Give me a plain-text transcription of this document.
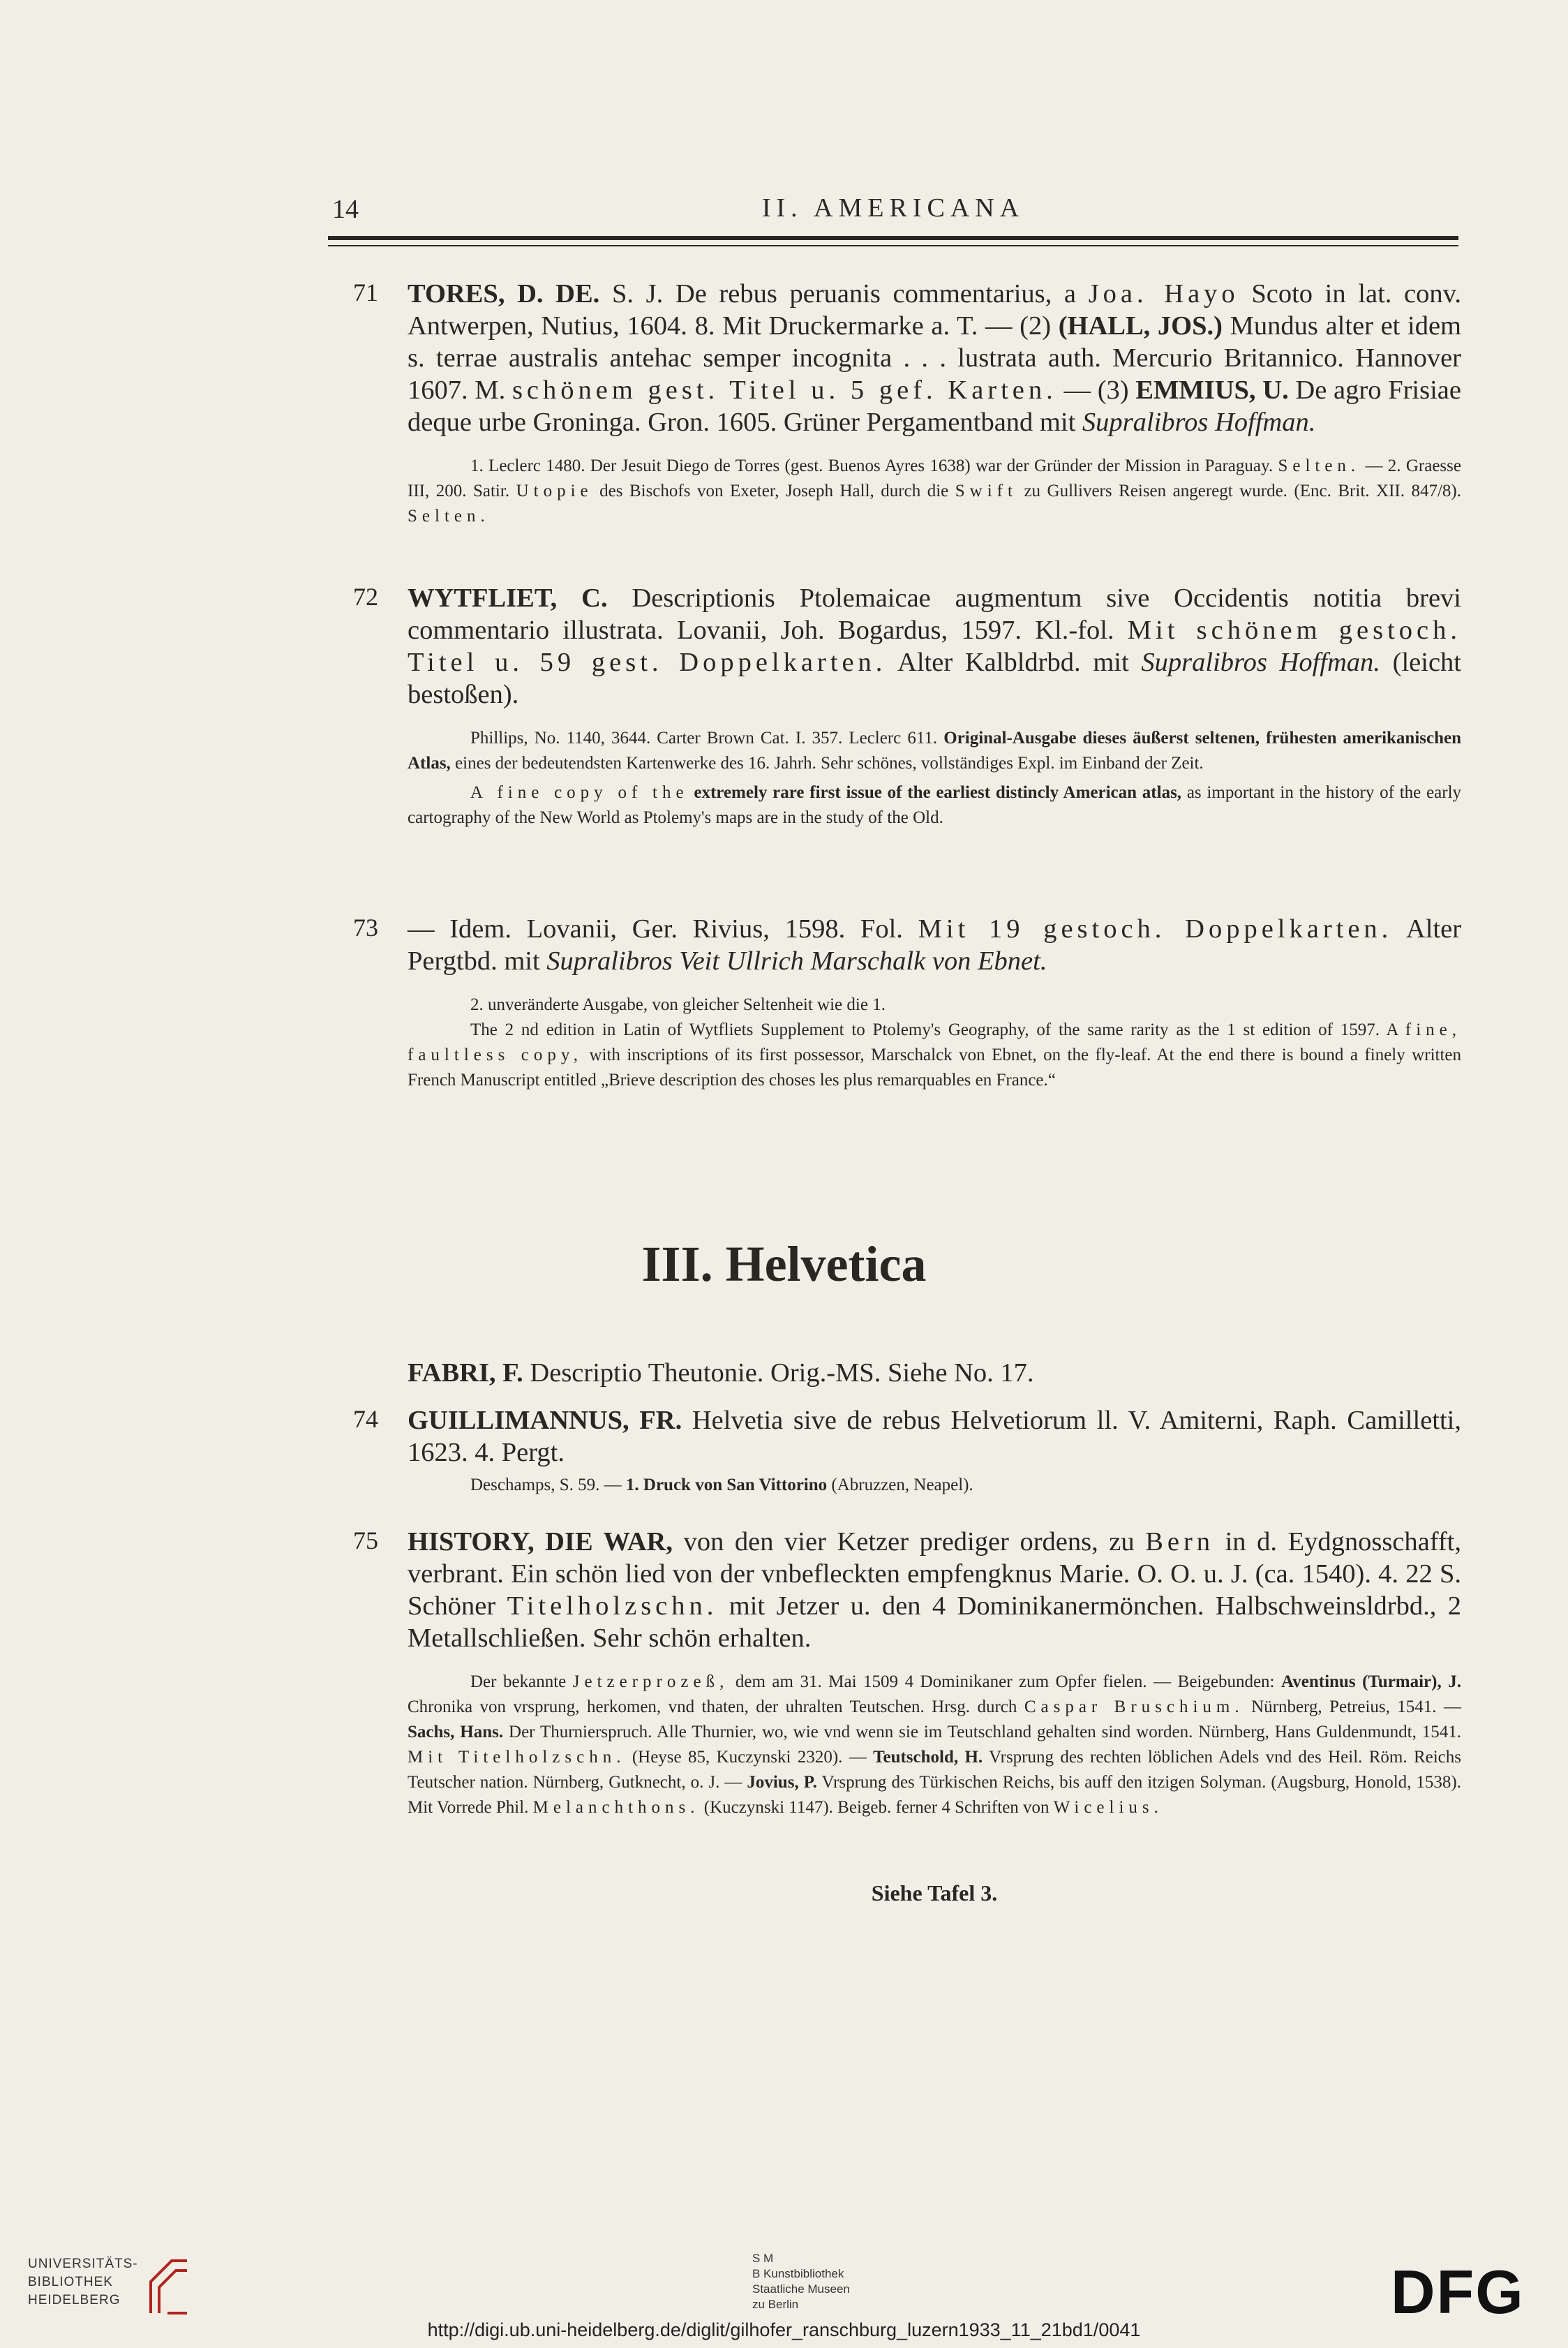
14	II. AMERICANA
71 TORES, D. DE. S. J. De rebus peruanis commentarius, a Joa. Hayo Scoto in lat. conv. Antwerpen, Nutius, 1604. 8. Mit Druckermarke a. T. — (2) (HALL, JOS.) Mundus alter et idem s. terrae australis antehac semper incognita . . . lustrata auth. Mercurio Britannico. Hannover 1607. M. schönem gest. Titel u. 5 gef. Karten. — (3) EMMIUS, U. De agro Frisiae deque urbe Groninga. Gron. 1605. Grüner Pergamentband mit Supralibros Hoffman.

1. Leclerc 1480. Der Jesuit Diego de Torres (gest. Buenos Ayres 1638) war der Gründer der Mission in Paraguay. Selten. — 2. Graesse III, 200. Satir. Utopie des Bischofs von Exeter, Joseph Hall, durch die Swift zu Gullivers Reisen angeregt wurde. (Enc. Brit. XII. 847/8). Selten.

72 WYTFLIET, C. Descriptionis Ptolemaicae augmentum sive Occidentis notitia brevi commentario illustrata. Lovanii, Joh. Bogardus, 1597. Kl.-fol. Mit schönem gestoch. Titel u. 59 gest. Doppelkarten. Alter Kalbldrbd. mit Supralibros Hoffman. (leicht bestoßen).

Phillips, No. 1140, 3644. Carter Brown Cat. I. 357. Leclerc 611. Original-Ausgabe dieses äußerst seltenen, frühesten amerikanischen Atlas, eines der bedeutendsten Kartenwerke des 16. Jahrh. Sehr schönes, vollständiges Expl. im Einband der Zeit.

A fine copy of the extremely rare first issue of the earliest distincly American atlas, as important in the history of the early cartography of the New World as Ptolemy's maps are in the study of the Old.

73 — Idem. Lovanii, Ger. Rivius, 1598. Fol. Mit 19 gestoch. Doppelkarten. Alter Pergtbd. mit Supralibros Veit Ullrich Marschalk von Ebnet.

2. unveränderte Ausgabe, von gleicher Seltenheit wie die 1.

The 2 nd edition in Latin of Wytfliets Supplement to Ptolemy's Geography, of the same rarity as the 1 st edition of 1597. A fine, faultless copy, with inscriptions of its first possessor, Marschalck von Ebnet, on the fly-leaf. At the end there is bound a finely written French Manuscript entitled „Brieve description des choses les plus remarquables en France.“

III. Helvetica

FABRI, F. Descriptio Theutonie. Orig.-MS. Siehe No. 17.

74 GUILLIMANNUS, FR. Helvetia sive de rebus Helvetiorum ll. V. Amiterni, Raph. Camilletti, 1623. 4. Pergt.

Deschamps, S. 59. — 1. Druck von San Vittorino (Abruzzen, Neapel).

75 HISTORY, DIE WAR, von den vier Ketzer prediger ordens, zu Bern in d. Eydgnosschafft, verbrant. Ein schön lied von der vnbefleckten empfengknus Marie. O. O. u. J. (ca. 1540). 4. 22 S. Schöner Titelholzschn. mit Jetzer u. den 4 Dominikanermönchen. Halbschweinsldrbd., 2 Metallschließen. Sehr schön erhalten.

Der bekannte Jetzerprozeß, dem am 31. Mai 1509 4 Dominikaner zum Opfer fielen. — Beigebunden: Aventinus (Turmair), J. Chronika von vrsprung, herkomen, vnd thaten, der uhralten Teutschen. Hrsg. durch Caspar Bruschium. Nürnberg, Petreius, 1541. — Sachs, Hans. Der Thurnierspruch. Alle Thurnier, wo, wie vnd wenn sie im Teutschland gehalten sind worden. Nürnberg, Hans Guldenmundt, 1541. Mit Titelholzschn. (Heyse 85, Kuczynski 2320). — Teutschold, H. Vrsprung des rechten löblichen Adels vnd des Heil. Röm. Reichs Teutscher nation. Nürnberg, Gutknecht, o. J. — Jovius, P. Vrsprung des Türkischen Reichs, bis auff den itzigen Solyman. (Augsburg, Honold, 1538). Mit Vorrede Phil. Melanchthons. (Kuczynski 1147). Beigeb. ferner 4 Schriften von Wicelius.

Siehe Tafel 3.
UNIVERSITÄTS-
BIBLIOTHEK
HEIDELBERG
S M
B Kunstbibliothek
Staatliche Museen
zu Berlin	DFG
http://digi.ub.uni-heidelberg.de/diglit/gilhofer_ranschburg_luzern1933_11_21bd1/0041
